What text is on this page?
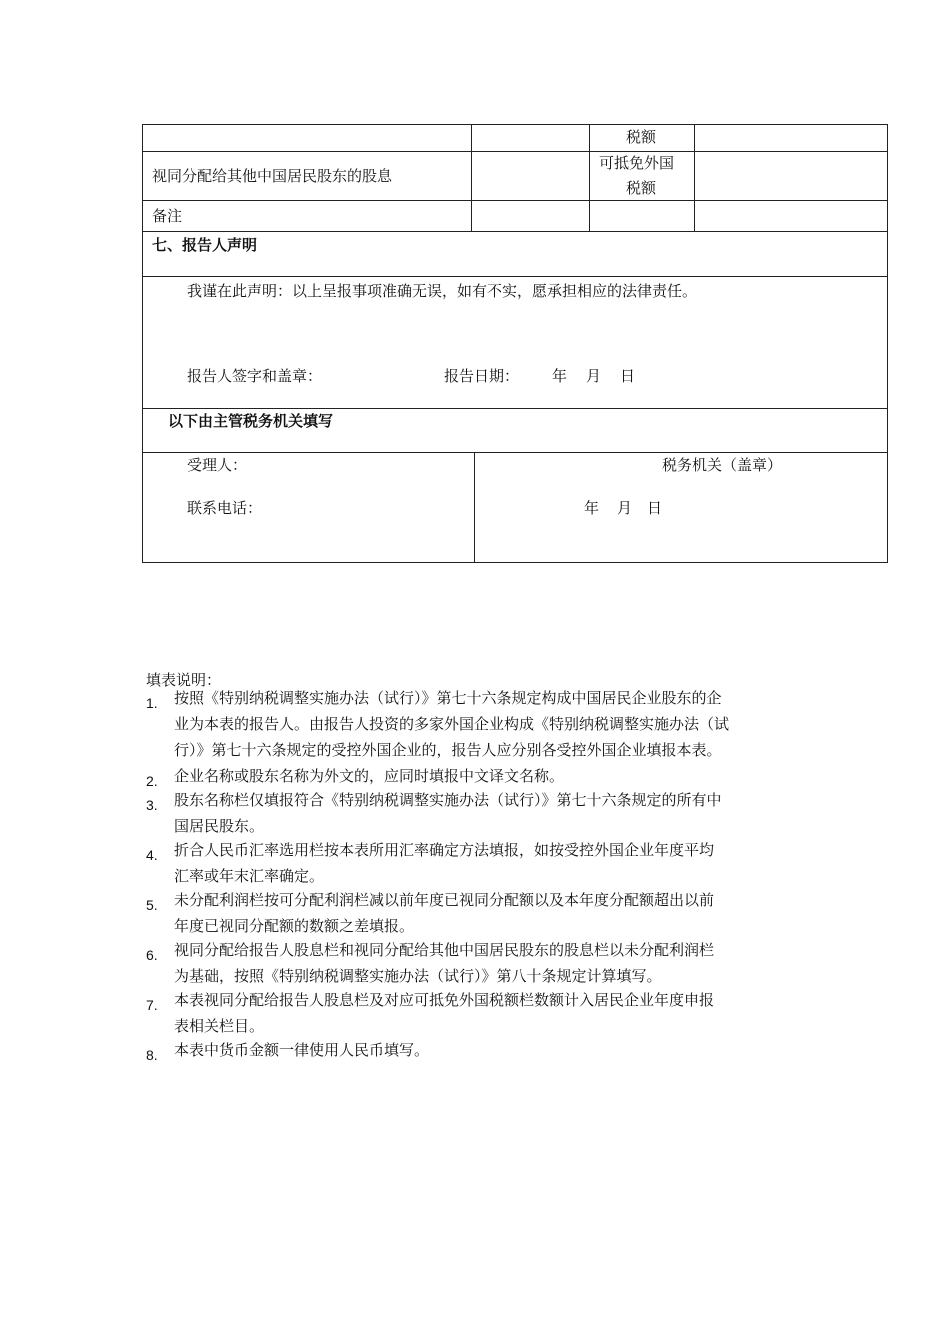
税额
视同分配给其他中国居民股东的股息
可抵免外国
税额
备注
七、报告人声明
我谨在此声明：以上呈报事项准确无误，如有不实，愿承担相应的法律责任。
报告人签字和盖章：	报告日期： 年 月 日
以下由主管税务机关填写
受理人：
联系电话：
税务机关（盖章）
年 月 日
填表说明：
1. 按照《特别纳税调整实施办法（试行）》第七十六条规定构成中国居民企业股东的企
业为本表的报告人。由报告人投资的多家外国企业构成《特别纳税调整实施办法（试
行）》第七十六条规定的受控外国企业的，报告人应分别各受控外国企业填报本表。
2. 企业名称或股东名称为外文的，应同时填报中文译文名称。
3. 股东名称栏仅填报符合《特别纳税调整实施办法（试行）》第七十六条规定的所有中
国居民股东。
4. 折合人民币汇率选用栏按本表所用汇率确定方法填报，如按受控外国企业年度平均
汇率或年末汇率确定。
5. 未分配利润栏按可分配利润栏减以前年度已视同分配额以及本年度分配额超出以前
年度已视同分配额的数额之差填报。
6. 视同分配给报告人股息栏和视同分配给其他中国居民股东的股息栏以未分配利润栏
为基础，按照《特别纳税调整实施办法（试行）》第八十条规定计算填写。
7. 本表视同分配给报告人股息栏及对应可抵免外国税额栏数额计入居民企业年度申报
表相关栏目。
8. 本表中货币金额一律使用人民币填写。
